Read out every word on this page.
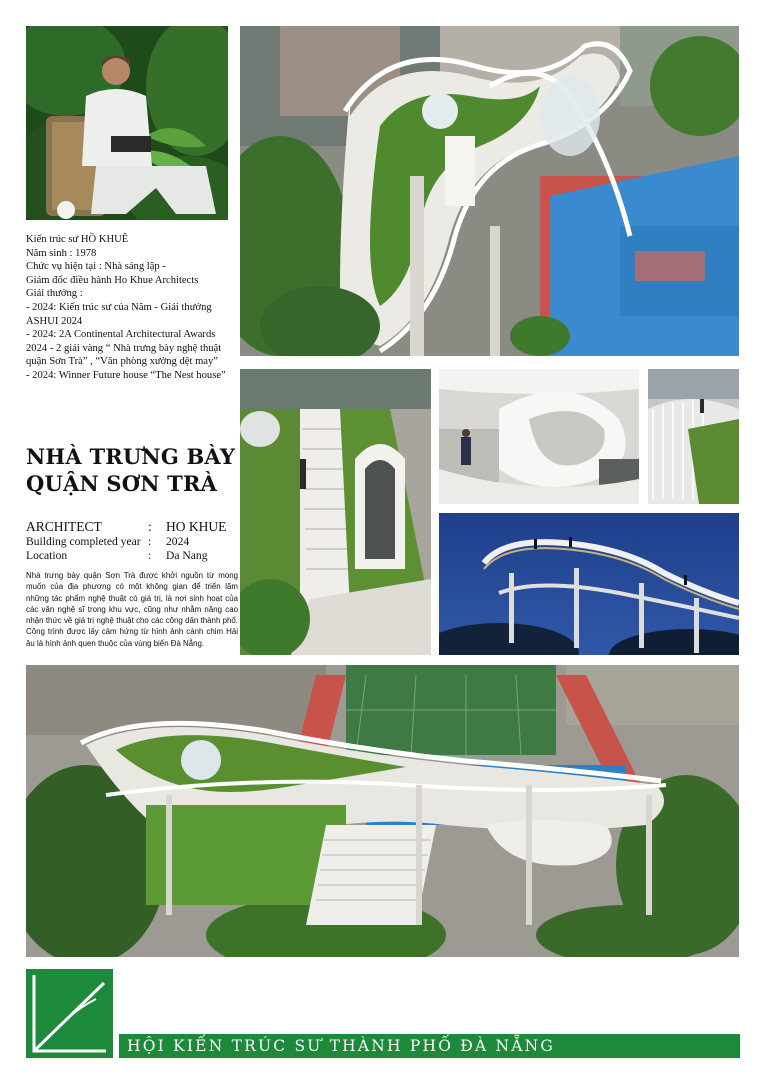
Kiến trúc sư HỒ KHUÊ
Năm sinh : 1978
Chức vụ hiện tại : Nhà sáng lập -
Giám đốc điều hành Ho Khue Architects
Giải thưởng :
- 2024: Kiến trúc sư của Năm - Giải thưởng ASHUI 2024
- 2024: 2A Continental Architectural Awards 2024 - 2 giải vàng “ Nhà trưng bày nghệ thuật quận Sơn Trà” , “Văn phòng xưởng dệt may”
- 2024: Winner Future house “The Nest house”
NHÀ TRƯNG BÀY
QUẬN SƠN TRÀ
ARCHITECT	:	HO KHUE
Building completed year	:	2024
Location	:	Da Nang
Nhà trưng bày quận Sơn Trà được khởi nguồn từ mong muốn của địa phương có một không gian để triển lãm những tác phẩm nghệ thuật có giá trị, là nơi sinh hoạt của các văn nghệ sĩ trong khu vực, cũng như nhằm nâng cao nhận thức về giá trị nghệ thuật cho các công dân thành phố. Công trình được lấy cảm hứng từ hình ảnh cánh chim Hải âu là hình ảnh quen thuộc của vùng biển Đà Nẵng.
HỘI KIẾN TRÚC SƯ THÀNH PHỐ ĐÀ NẴNG
